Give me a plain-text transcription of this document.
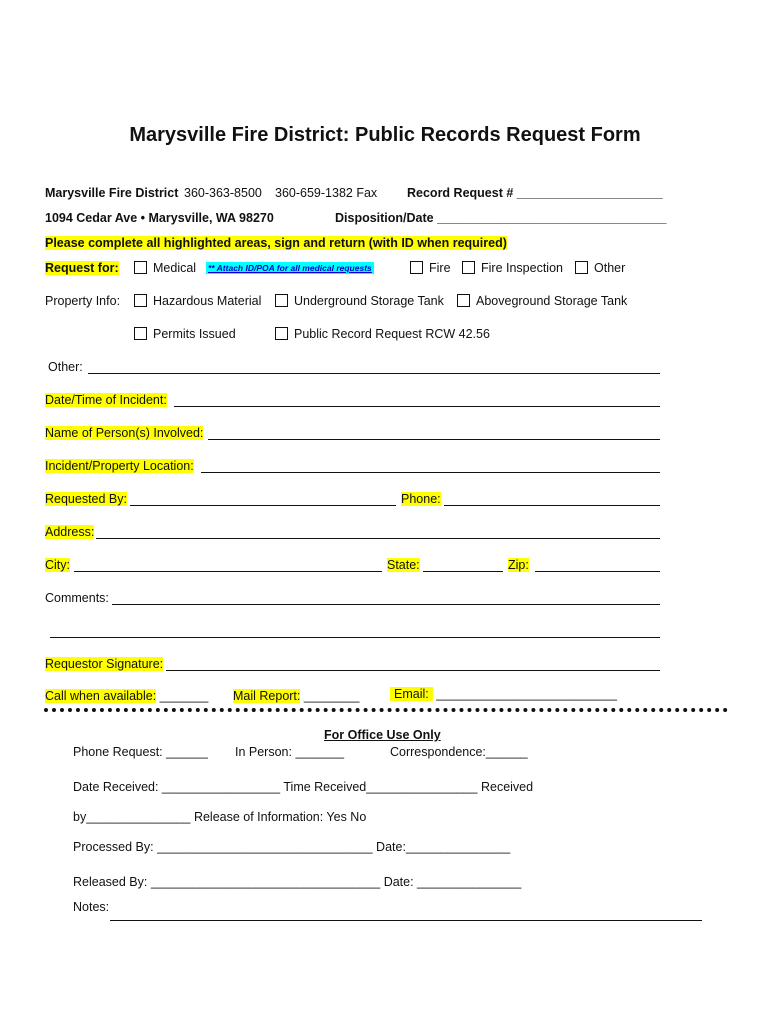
Marysville Fire District: Public Records Request Form
Marysville Fire District 360-363-8500 360-659-1382 Fax Record Request # _____________________
1094 Cedar Ave • Marysville, WA 98270	Disposition/Date _________________________________
Please complete all highlighted areas, sign and return (with ID when required)
Request for:	Medical ** Attach ID/POA for all medical requests	Fire	Fire Inspection	Other
Property Info:	Hazardous Material	Underground Storage Tank	Aboveground Storage Tank
Permits Issued	Public Record Request RCW 42.56
Other:
Date/Time of Incident:
Name of Person(s) Involved:
Incident/Property Location:
Requested By:	Phone:
Address:
City:	State:	Zip:
Comments:
Requestor Signature:
Call when available: _______ Mail Report: ________	Email: __________________________
For Office Use Only
Phone Request: ______ In Person: _______	Correspondence:______
Date Received: _________________ Time Received________________ Received
by_______________ Release of Information: Yes No
Processed By: _______________________________ Date:_______________
Released By: _________________________________ Date: _______________
Notes:
